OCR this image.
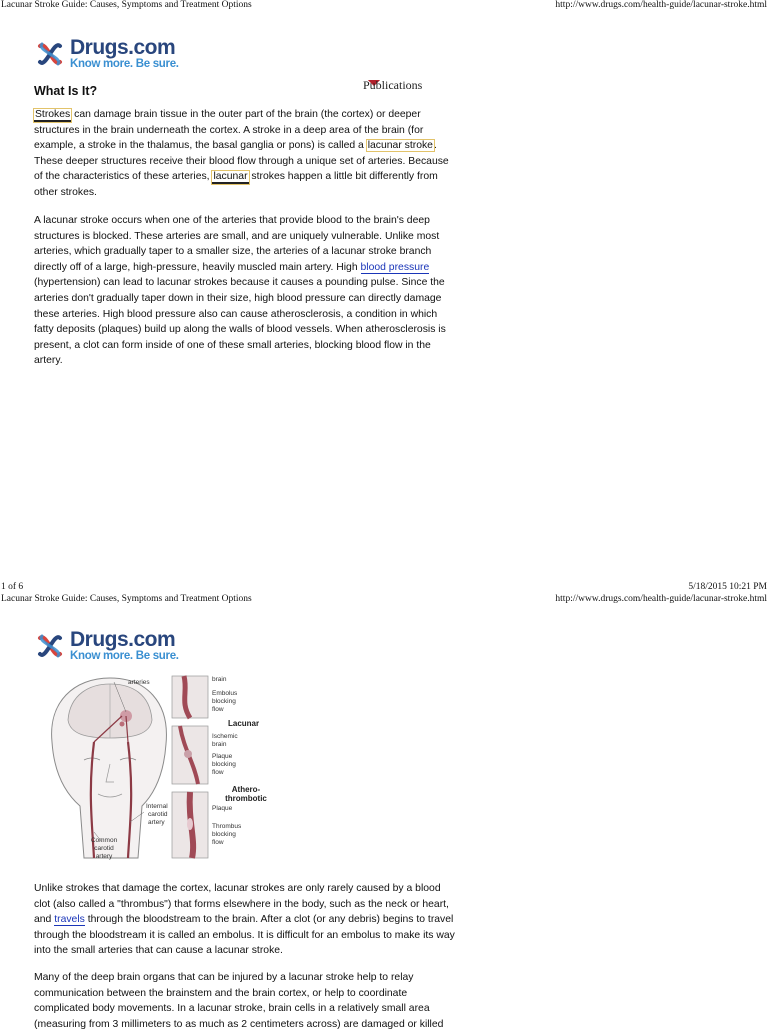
Lacunar Stroke Guide: Causes, Symptoms and Treatment Options	http://www.drugs.com/health-guide/lacunar-stroke.html
Drugs.com
Know more. Be sure.
Publications
What Is It?

Strokes can damage brain tissue in the outer part of the brain (the cortex) or deeper structures in the brain underneath the cortex. A stroke in a deep area of the brain (for example, a stroke in the thalamus, the basal ganglia or pons) is called a lacunar stroke. These deeper structures receive their blood flow through a unique set of arteries. Because of the characteristics of these arteries, lacunar strokes happen a little bit differently from other strokes.

A lacunar stroke occurs when one of the arteries that provide blood to the brain's deep structures is blocked. These arteries are small, and are uniquely vulnerable. Unlike most arteries, which gradually taper to a smaller size, the arteries of a lacunar stroke branch directly off of a large, high-pressure, heavily muscled main artery. High blood pressure (hypertension) can lead to lacunar strokes because it causes a pounding pulse. Since the arteries don't gradually taper down in their size, high blood pressure can directly damage these arteries. High blood pressure also can cause atherosclerosis, a condition in which fatty deposits (plaques) build up along the walls of blood vessels. When atherosclerosis is present, a clot can form inside of one of these small arteries, blocking blood flow in the artery.

1 of 6	5/18/2015 10:21 PM
Lacunar Stroke Guide: Causes, Symptoms and Treatment Options	http://www.drugs.com/health-guide/lacunar-stroke.html
Drugs.com
Know more. Be sure.
arteries	brain
Embolus
blocking
flow
Lacunar
Ischemic
brain
Plaque
blocking
flow
Athero-
thrombotic
Plaque
Thrombus
blocking
flow
Internal
carotid
artery
Common
carotid
artery

Unlike strokes that damage the cortex, lacunar strokes are only rarely caused by a blood clot (also called a "thrombus") that forms elsewhere in the body, such as the neck or heart, and travels through the bloodstream to the brain. After a clot (or any debris) begins to travel through the bloodstream it is called an embolus. It is difficult for an embolus to make its way into the small arteries that can cause a lacunar stroke.

Many of the deep brain organs that can be injured by a lacunar stroke help to relay communication between the brainstem and the brain cortex, or help to coordinate complicated body movements. In a lacunar stroke, brain cells in a relatively small area (measuring from 3 millimeters to as much as 2 centimeters across) are damaged or killed
